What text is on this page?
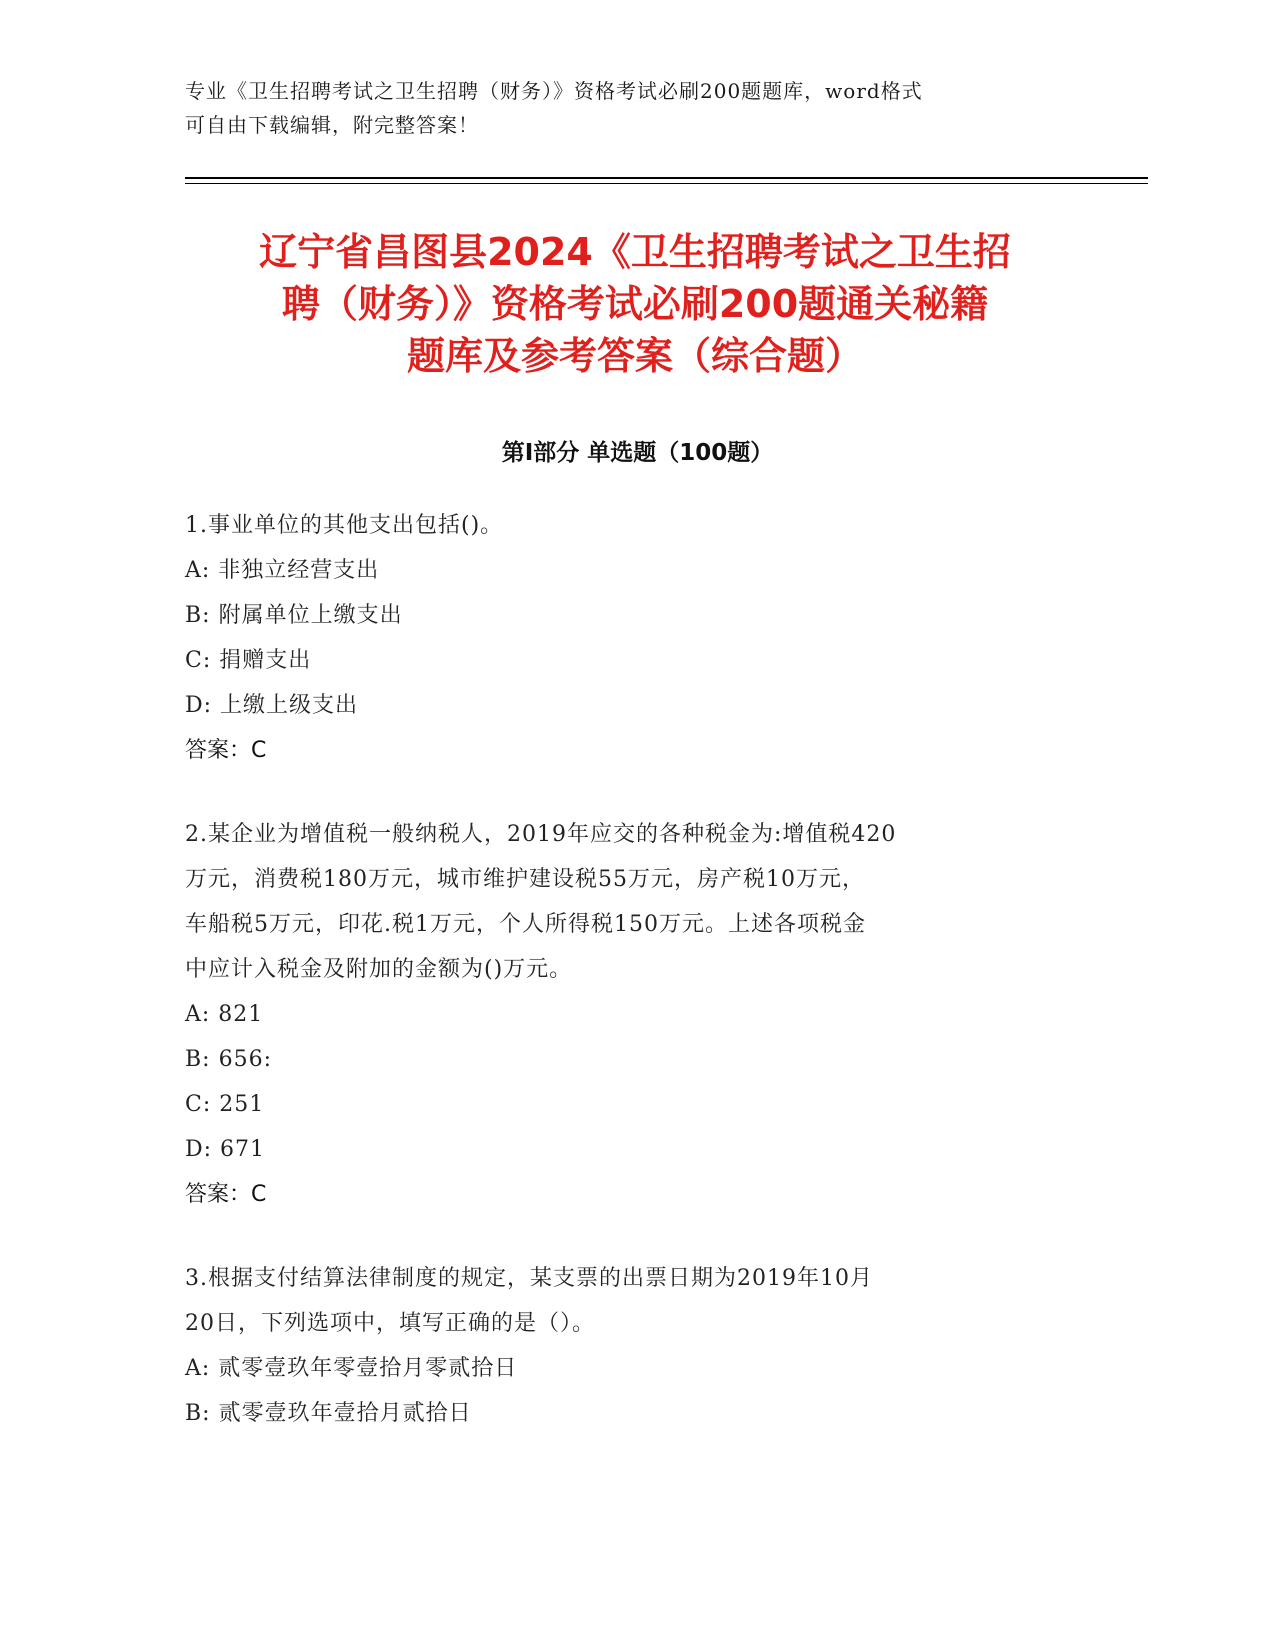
专业《卫生招聘考试之卫生招聘（财务）》资格考试必刷200题题库，word格式
可自由下载编辑，附完整答案！
辽宁省昌图县2024《卫生招聘考试之卫生招
聘（财务）》资格考试必刷200题通关秘籍
题库及参考答案（综合题）
第Ⅰ部分 单选题（100题）
1.事业单位的其他支出包括()。
A: 非独立经营支出
B: 附属单位上缴支出
C: 捐赠支出
D: 上缴上级支出
答案：C
2.某企业为增值税一般纳税人，2019年应交的各种税金为:增值税420
万元，消费税180万元，城市维护建设税55万元，房产税10万元，
车船税5万元，印花.税1万元，个人所得税150万元。上述各项税金
中应计入税金及附加的金额为()万元。
A: 821
B: 656:
C: 251
D: 671
答案：C
3.根据支付结算法律制度的规定，某支票的出票日期为2019年10月
20日，下列选项中，填写正确的是（）。
A: 贰零壹玖年零壹拾月零贰拾日
B: 贰零壹玖年壹拾月贰拾日
